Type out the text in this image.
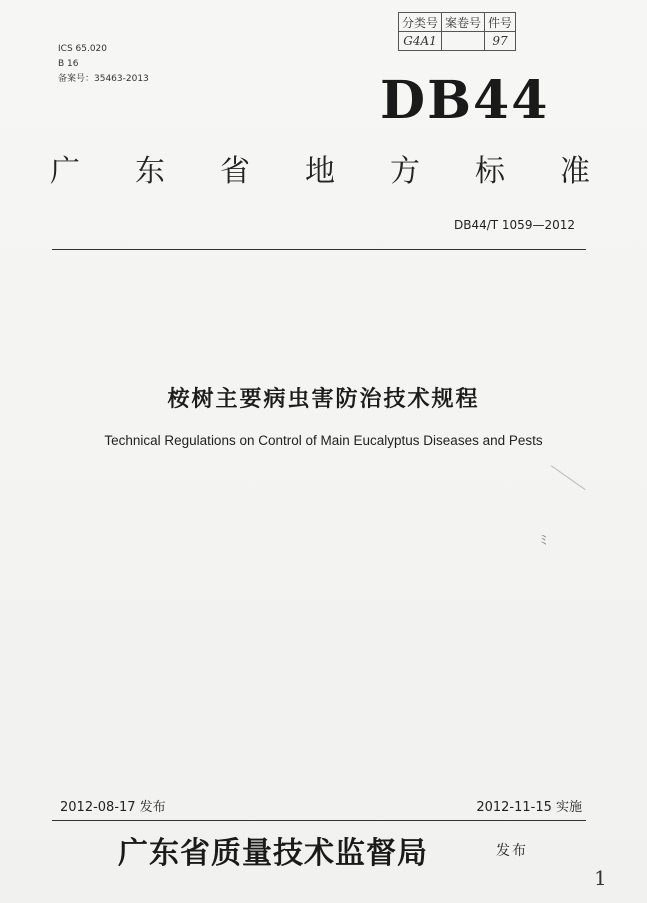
ICS 65.020
B 16
备案号：35463-2013
分类号	案卷号	件号
G4A1		97
DB44
广 东 省 地 方 标 准
DB44/T 1059—2012
桉树主要病虫害防治技术规程
Technical Regulations on Control of Main Eucalyptus Diseases and Pests
ﾐ
2012-08-17 发布	2012-11-15 实施
广东省质量技术监督局	发布
1
